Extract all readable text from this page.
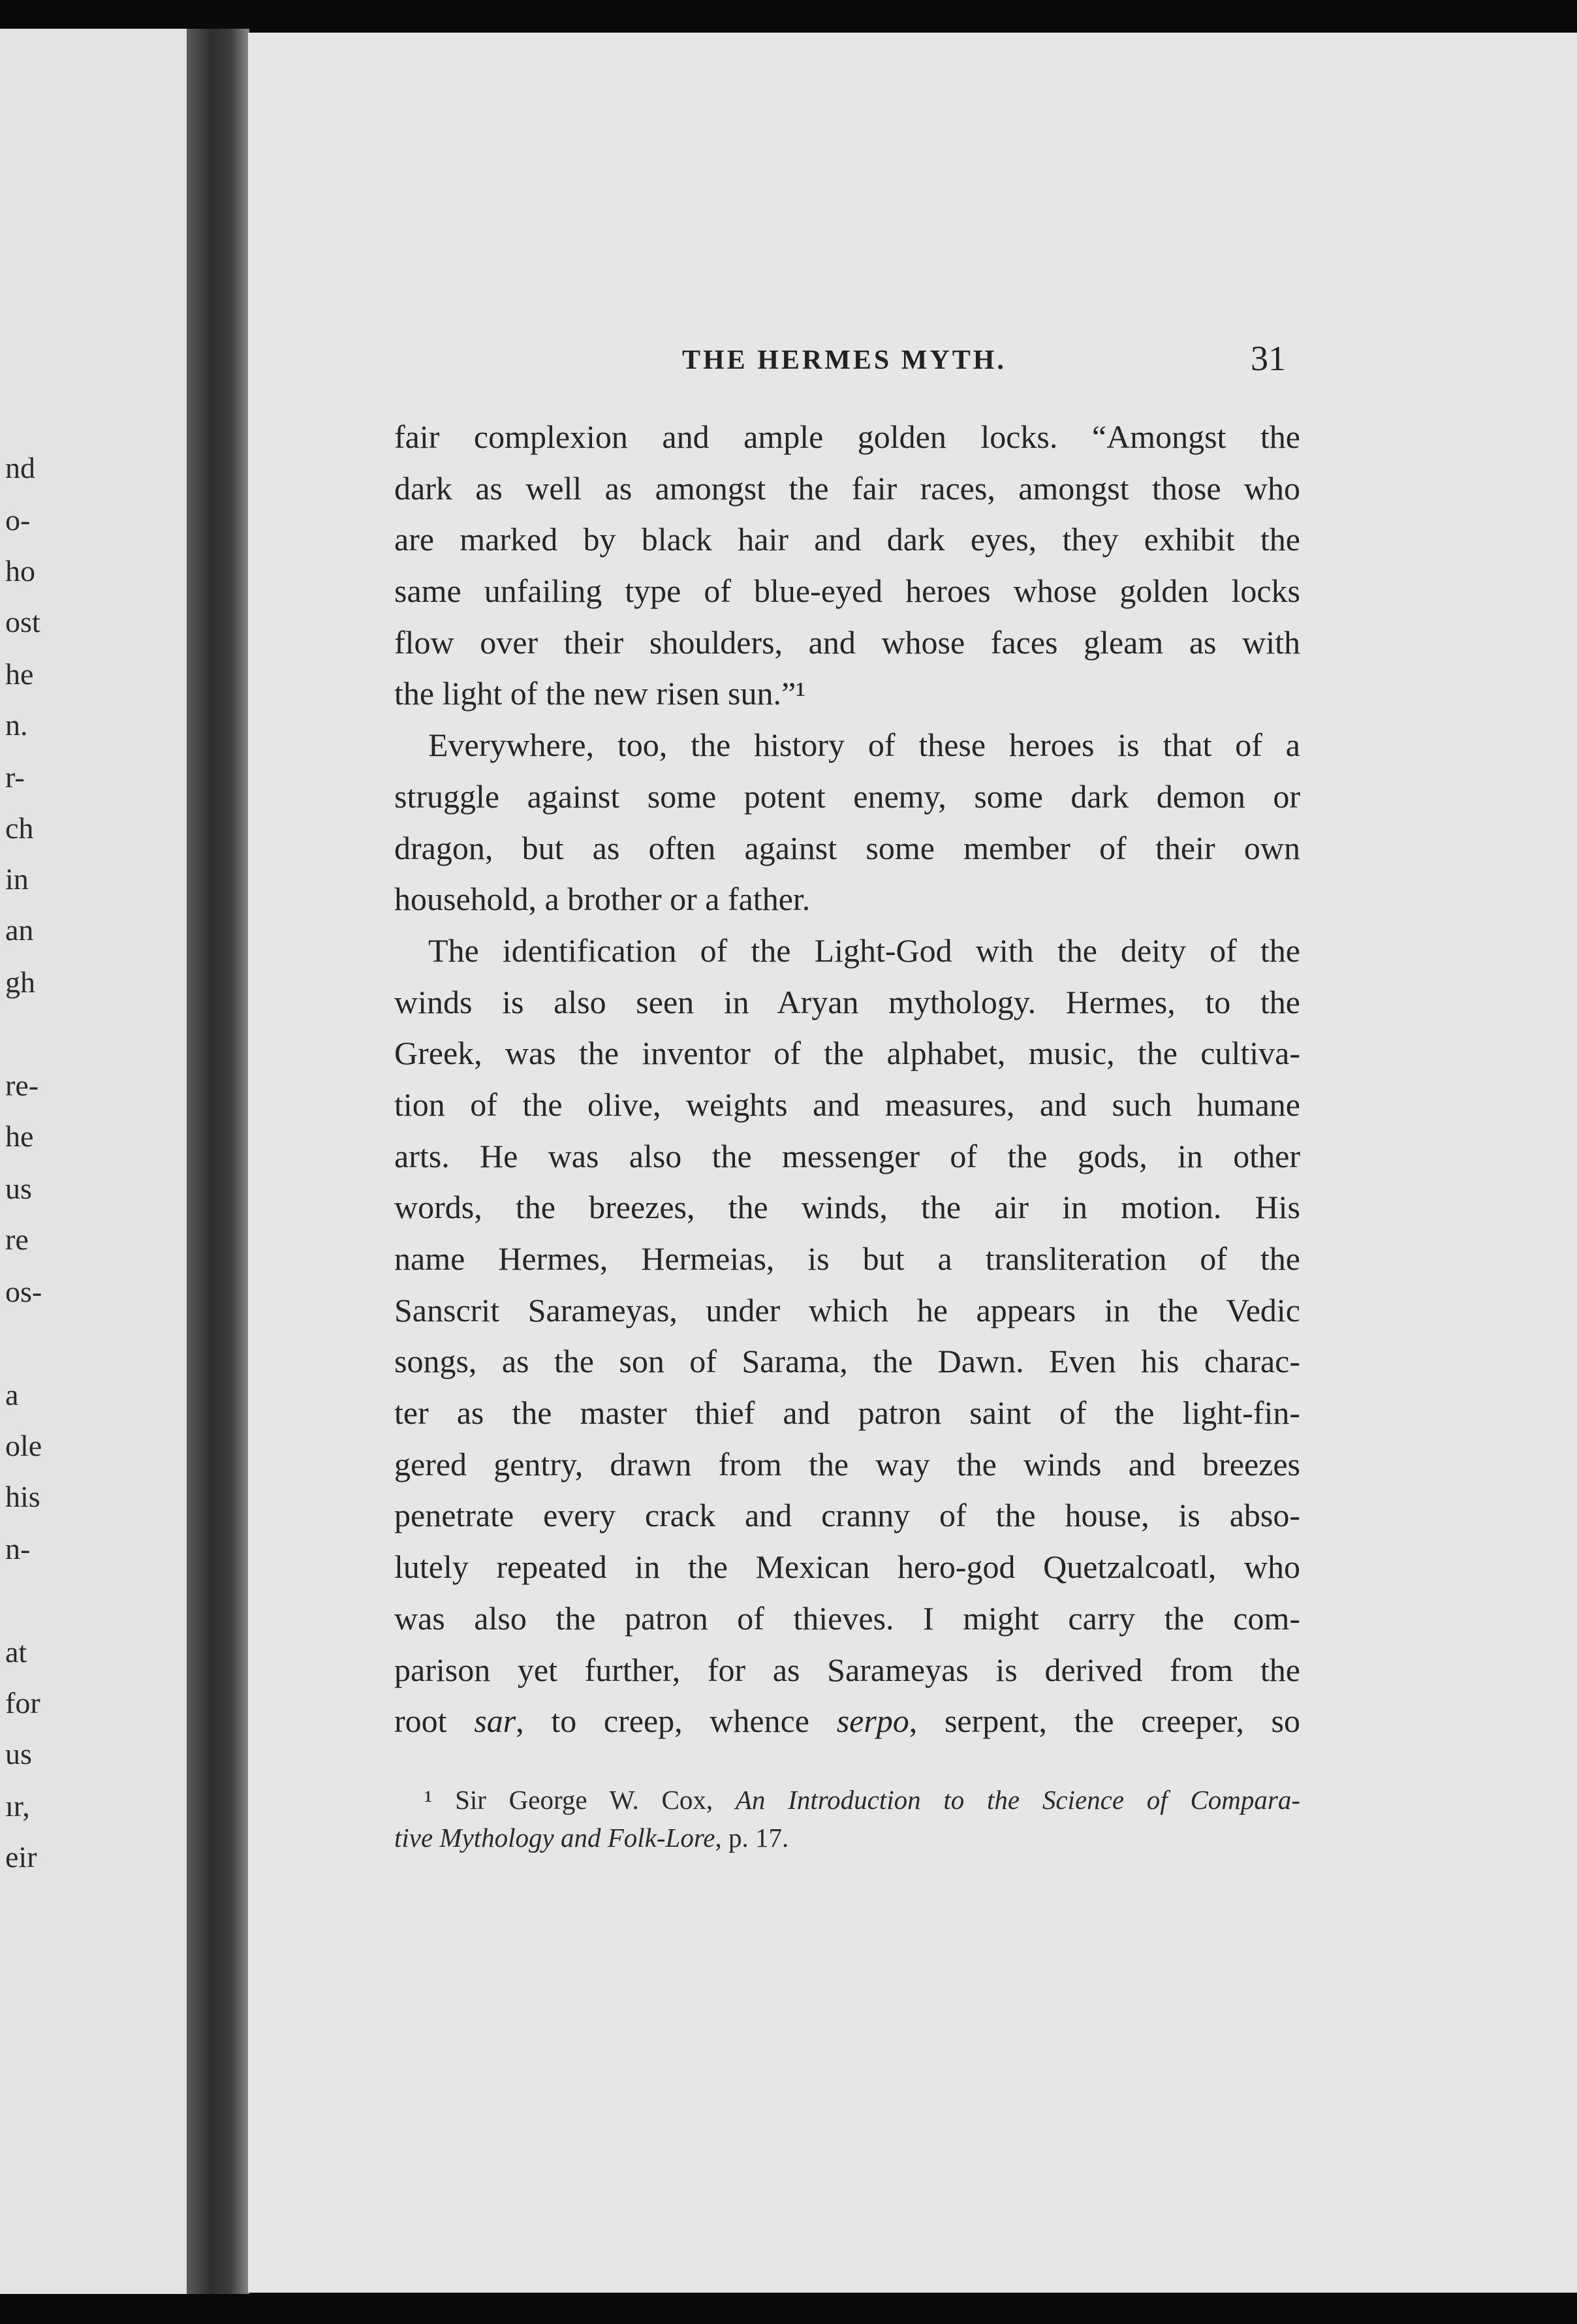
nd
o-
ho
ost
he
n.
r-
ch
in
an
gh
re-
he
us
re
os-
a
ole
his
n-
at
for
us
ır,
eir
THE HERMES MYTH.	31
fair complexion and ample golden locks. “Amongst the
dark as well as amongst the fair races, amongst those who
are marked by black hair and dark eyes, they exhibit the
same unfailing type of blue-eyed heroes whose golden locks
flow over their shoulders, and whose faces gleam as with
the light of the new risen sun.”¹
Everywhere, too, the history of these heroes is that of a
struggle against some potent enemy, some dark demon or
dragon, but as often against some member of their own
household, a brother or a father.
The identification of the Light-God with the deity of the
winds is also seen in Aryan mythology. Hermes, to the
Greek, was the inventor of the alphabet, music, the cultiva-
tion of the olive, weights and measures, and such humane
arts. He was also the messenger of the gods, in other
words, the breezes, the winds, the air in motion. His
name Hermes, Hermeias, is but a transliteration of the
Sanscrit Sarameyas, under which he appears in the Vedic
songs, as the son of Sarama, the Dawn. Even his charac-
ter as the master thief and patron saint of the light-fin-
gered gentry, drawn from the way the winds and breezes
penetrate every crack and cranny of the house, is abso-
lutely repeated in the Mexican hero-god Quetzalcoatl, who
was also the patron of thieves. I might carry the com-
parison yet further, for as Sarameyas is derived from the
root sar, to creep, whence serpo, serpent, the creeper, so
¹ Sir George W. Cox, An Introduction to the Science of Compara-
tive Mythology and Folk-Lore, p. 17.
